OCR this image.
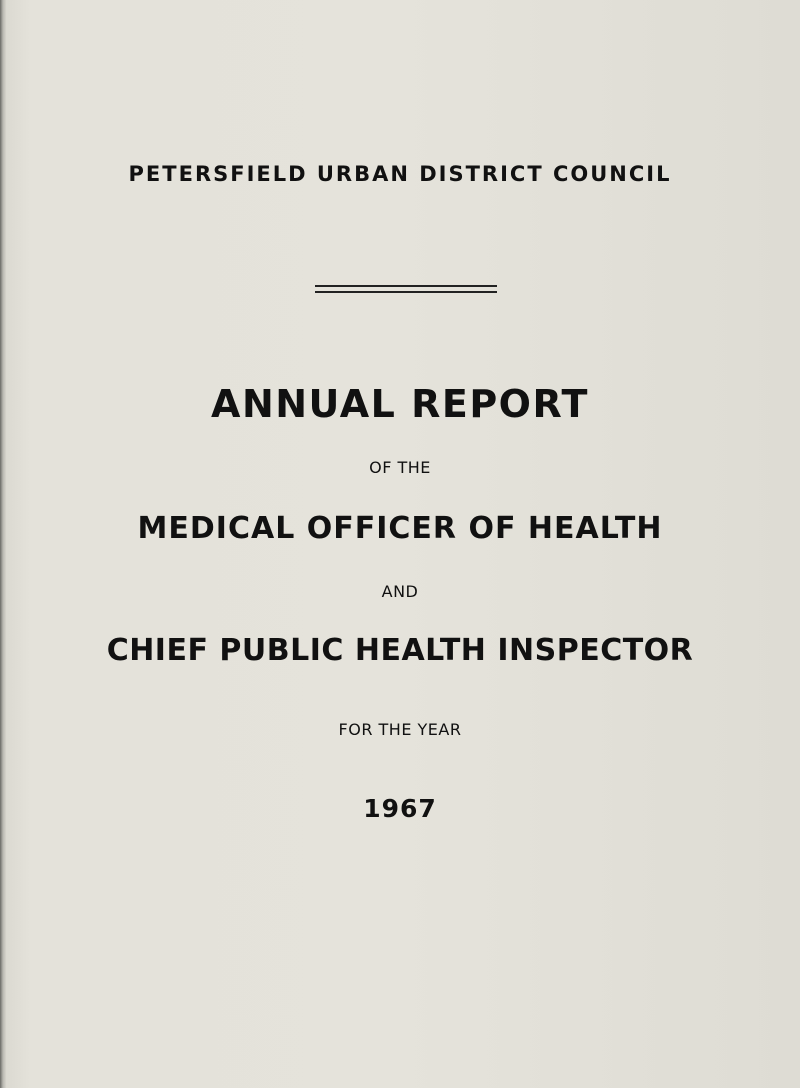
PETERSFIELD URBAN DISTRICT COUNCIL
ANNUAL REPORT
OF THE
MEDICAL OFFICER OF HEALTH
AND
CHIEF PUBLIC HEALTH INSPECTOR
FOR THE YEAR
1967
